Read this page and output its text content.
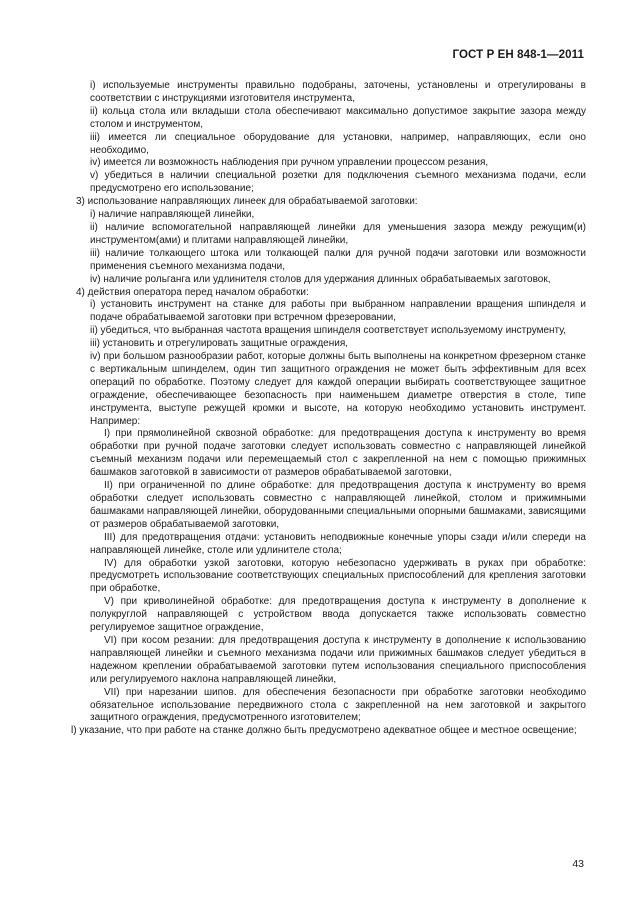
ГОСТ Р ЕН 848-1—2011

i) используемые инструменты правильно подобраны, заточены, установлены и отрегулированы в соответствии с инструкциями изготовителя инструмента,

ii) кольца стола или вкладыши стола обеспечивают максимально допустимое закрытие зазора между столом и инструментом,

iii) имеется ли специальное оборудование для установки, например, направляющих, если оно необходимо,

iv) имеется ли возможность наблюдения при ручном управлении процессом резания,

v) убедиться в наличии специальной розетки для подключения съемного механизма подачи, если предусмотрено его использование;

3) использование направляющих линеек для обрабатываемой заготовки:

i) наличие направляющей линейки,

ii) наличие вспомогательной направляющей линейки для уменьшения зазора между режущим(и) инструментом(ами) и плитами направляющей линейки,

iii) наличие толкающего штока или толкающей палки для ручной подачи заготовки или возможности применения съемного механизма подачи,

iv) наличие рольганга или удлинителя столов для удержания длинных обрабатываемых заготовок,

4) действия оператора перед началом обработки:

i) установить инструмент на станке для работы при выбранном направлении вращения шпинделя и подаче обрабатываемой заготовки при встречном фрезеровании,

ii) убедиться, что выбранная частота вращения шпинделя соответствует используемому инструменту,

iii) установить и отрегулировать защитные ограждения,

iv) при большом разнообразии работ, которые должны быть выполнены на конкретном фрезерном станке с вертикальным шпинделем, один тип защитного ограждения не может быть эффективным для всех операций по обработке. Поэтому следует для каждой операции выбирать соответствующее защитное ограждение, обеспечивающее безопасность при наименьшем диаметре отверстия в столе, типе инструмента, выступе режущей кромки и высоте, на которую необходимо установить инструмент. Например:

I) при прямолинейной сквозной обработке: для предотвращения доступа к инструменту во время обработки при ручной подаче заготовки следует использовать совместно с направляющей линейкой съемный механизм подачи или перемещаемый стол с закрепленной на нем с помощью прижимных башмаков заготовкой в зависимости от размеров обрабатываемой заготовки,

II) при ограниченной по длине обработке: для предотвращения доступа к инструменту во время обработки следует использовать совместно с направляющей линейкой, столом и прижимными башмаками направляющей линейки, оборудованными специальными опорными башмаками, зависящими от размеров обрабатываемой заготовки,

III) для предотвращения отдачи: установить неподвижные конечные упоры сзади и/или спереди на направляющей линейке, столе или удлинителе стола;

IV) для обработки узкой заготовки, которую небезопасно удерживать в руках при обработке: предусмотреть использование соответствующих специальных приспособлений для крепления заготовки при обработке,

V) при криволинейной обработке: для предотвращения доступа к инструменту в дополнение к полукруглой направляющей с устройством ввода допускается также использовать совместно регулируемое защитное ограждение,

VI) при косом резании: для предотвращения доступа к инструменту в дополнение к использованию направляющей линейки и съемного механизма подачи или прижимных башмаков следует убедиться в надежном креплении обрабатываемой заготовки путем использования специального приспособления или регулируемого наклона направляющей линейки,

VII) при нарезании шипов. для обеспечения безопасности при обработке заготовки необходимо обязательное использование передвижного стола с закрепленной на нем заготовкой и закрытого защитного ограждения, предусмотренного изготовителем;

l) указание, что при работе на станке должно быть предусмотрено адекватное общее и местное освещение;

43
